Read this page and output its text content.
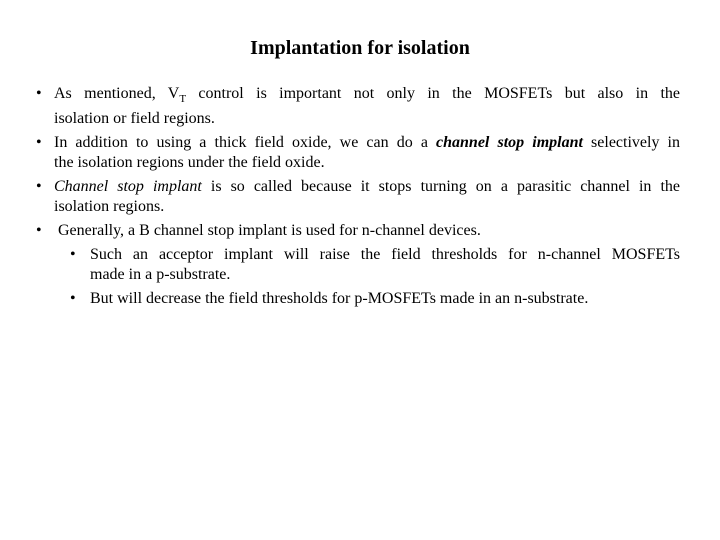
Implantation for isolation
• As mentioned, $V_T$ control is important not only in the MOSFETs but also in the
isolation or field regions.
• In addition to using a thick field oxide, we can do a channel stop implant selectively in
the isolation regions under the field oxide.
• Channel stop implant is so called because it stops turning on a parasitic channel in the
isolation regions.
• Generally, a B channel stop implant is used for n-channel devices.
• Such an acceptor implant will raise the field thresholds for n-channel MOSFETs
made in a p-substrate.
• But will decrease the field thresholds for p-MOSFETs made in an n-substrate.
